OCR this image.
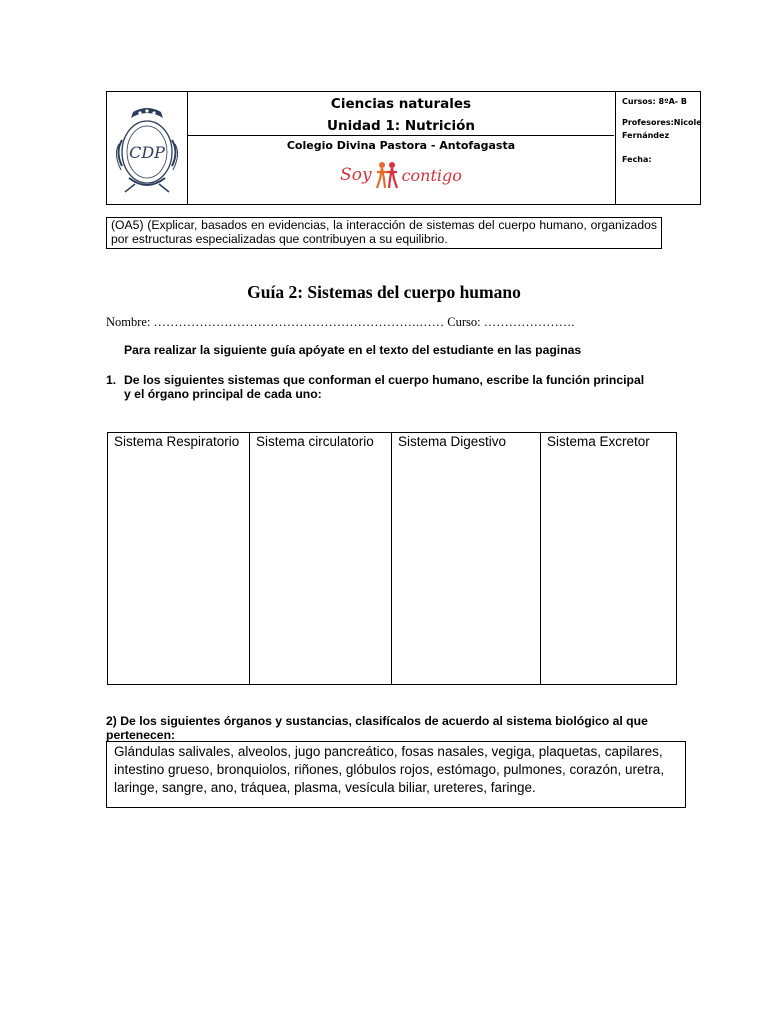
CDP
Ciencias naturales
Unidad 1: Nutrición
Colegio Divina Pastora - Antofagasta
Soy contigo
Cursos: 8ºA- B
Profesores:Nicole
Fernández
Fecha:
(OA5) (Explicar, basados en evidencias, la interacción de sistemas del cuerpo humano, organizados por estructuras especializadas que contribuyen a su equilibrio.
Guía 2: Sistemas del cuerpo humano
Nombre: ……………………………………………………….…… Curso: ………………….
Para realizar la siguiente guía apóyate en el texto del estudiante en las paginas
1. De los siguientes sistemas que conforman el cuerpo humano, escribe la función principal
y el órgano principal de cada uno:
Sistema Respiratorio Sistema circulatorio Sistema Digestivo	Sistema Excretor
2) De los siguientes órganos y sustancias, clasifícalos de acuerdo al sistema biológico al que
pertenecen:
Glándulas salivales, alveolos, jugo pancreático, fosas nasales, vegiga, plaquetas, capilares,
intestino grueso, bronquiolos, riñones, glóbulos rojos, estómago, pulmones, corazón, uretra,
laringe, sangre, ano, tráquea, plasma, vesícula biliar, ureteres, faringe.
